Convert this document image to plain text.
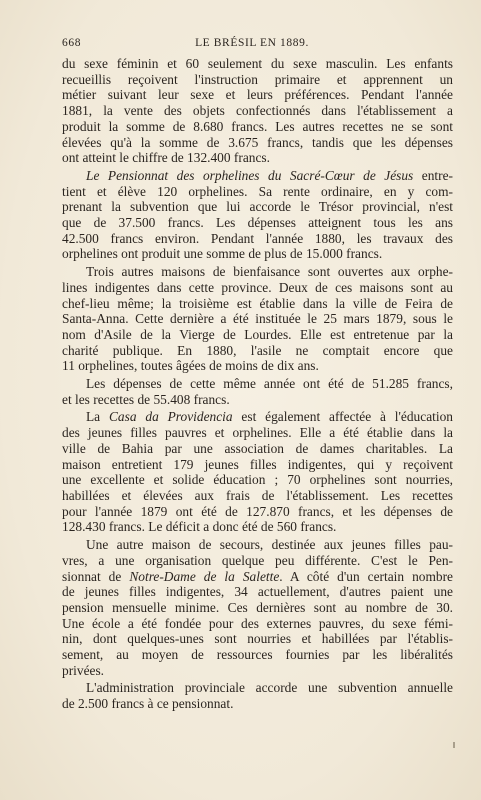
668	LE BRÉSIL EN 1889.

du sexe féminin et 60 seulement du sexe masculin. Les enfants
recueillis reçoivent l'instruction primaire et apprennent un
métier suivant leur sexe et leurs préférences. Pendant l'année
1881, la vente des objets confectionnés dans l'établissement a
produit la somme de 8.680 francs. Les autres recettes ne se sont
élevées qu'à la somme de 3.675 francs, tandis que les dépenses
ont atteint le chiffre de 132.400 francs.

Le Pensionnat des orphelines du Sacré-Cœur de Jésus entre-
tient et élève 120 orphelines. Sa rente ordinaire, en y com-
prenant la subvention que lui accorde le Trésor provincial, n'est
que de 37.500 francs. Les dépenses atteignent tous les ans
42.500 francs environ. Pendant l'année 1880, les travaux des
orphelines ont produit une somme de plus de 15.000 francs.

Trois autres maisons de bienfaisance sont ouvertes aux orphe-
lines indigentes dans cette province. Deux de ces maisons sont au
chef-lieu même; la troisième est établie dans la ville de Feira de
Santa-Anna. Cette dernière a été instituée le 25 mars 1879, sous le
nom d'Asile de la Vierge de Lourdes. Elle est entretenue par la
charité publique. En 1880, l'asile ne comptait encore que
11 orphelines, toutes âgées de moins de dix ans.

Les dépenses de cette même année ont été de 51.285 francs,
et les recettes de 55.408 francs.

La Casa da Providencia est également affectée à l'éducation
des jeunes filles pauvres et orphelines. Elle a été établie dans la
ville de Bahia par une association de dames charitables. La
maison entretient 179 jeunes filles indigentes, qui y reçoivent
une excellente et solide éducation ; 70 orphelines sont nourries,
habillées et élevées aux frais de l'établissement. Les recettes
pour l'année 1879 ont été de 127.870 francs, et les dépenses de
128.430 francs. Le déficit a donc été de 560 francs.

Une autre maison de secours, destinée aux jeunes filles pau-
vres, a une organisation quelque peu différente. C'est le Pen-
sionnat de Notre-Dame de la Salette. A côté d'un certain nombre
de jeunes filles indigentes, 34 actuellement, d'autres paient une
pension mensuelle minime. Ces dernières sont au nombre de 30.
Une école a été fondée pour des externes pauvres, du sexe fémi-
nin, dont quelques-unes sont nourries et habillées par l'établis-
sement, au moyen de ressources fournies par les libéralités
privées.

L'administration provinciale accorde une subvention annuelle
de 2.500 francs à ce pensionnat.
